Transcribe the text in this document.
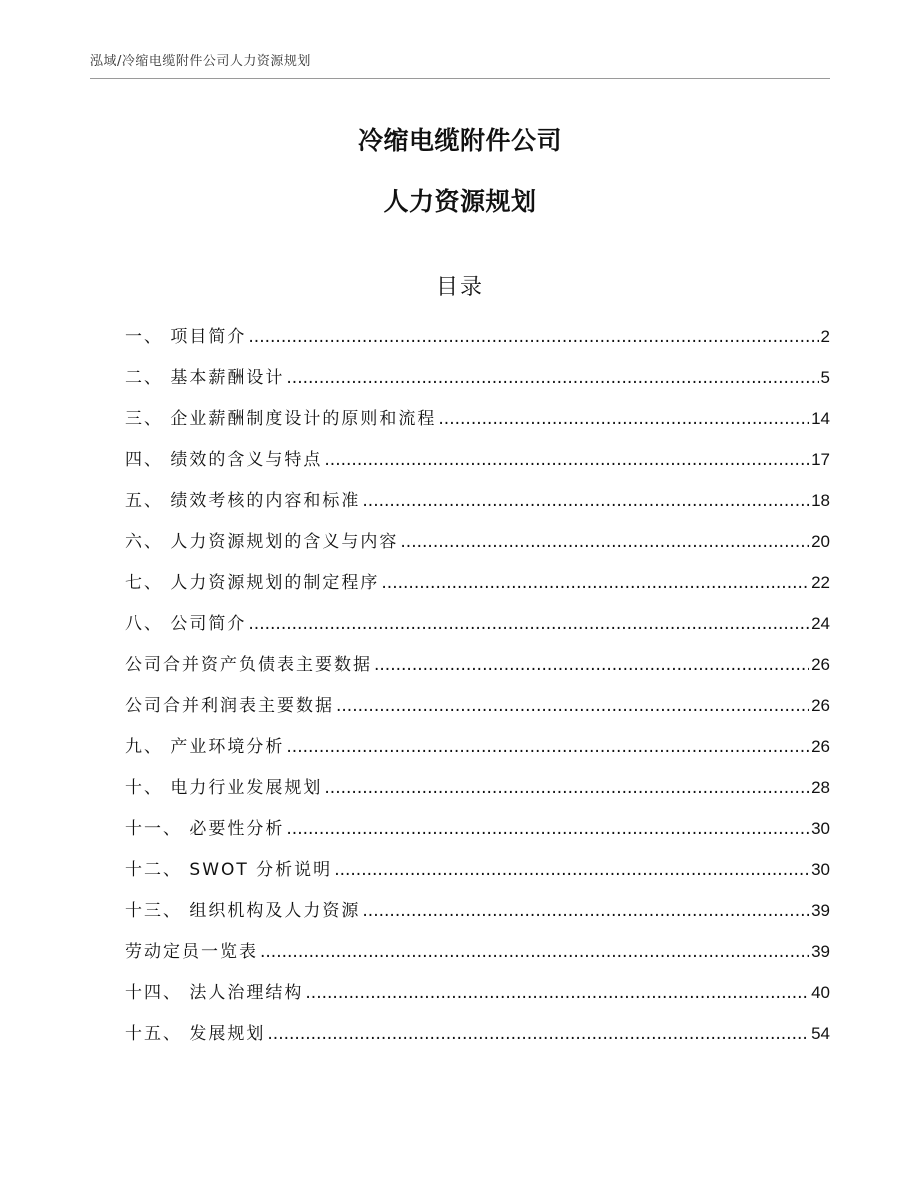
泓域/冷缩电缆附件公司人力资源规划
冷缩电缆附件公司
人力资源规划
目录
一、 项目简介 .....	2
二、 基本薪酬设计 .....	5
三、 企业薪酬制度设计的原则和流程 .....	14
四、 绩效的含义与特点 .....	17
五、 绩效考核的内容和标准 .....	18
六、 人力资源规划的含义与内容 .....	20
七、 人力资源规划的制定程序 .....	22
八、 公司简介 .....	24
公司合并资产负债表主要数据 .....	26
公司合并利润表主要数据 .....	26
九、 产业环境分析 .....	26
十、 电力行业发展规划 .....	28
十一、 必要性分析 .....	30
十二、 SWOT 分析说明 .....	30
十三、 组织机构及人力资源 .....	39
劳动定员一览表 .....	39
十四、 法人治理结构 .....	40
十五、 发展规划 .....	54
